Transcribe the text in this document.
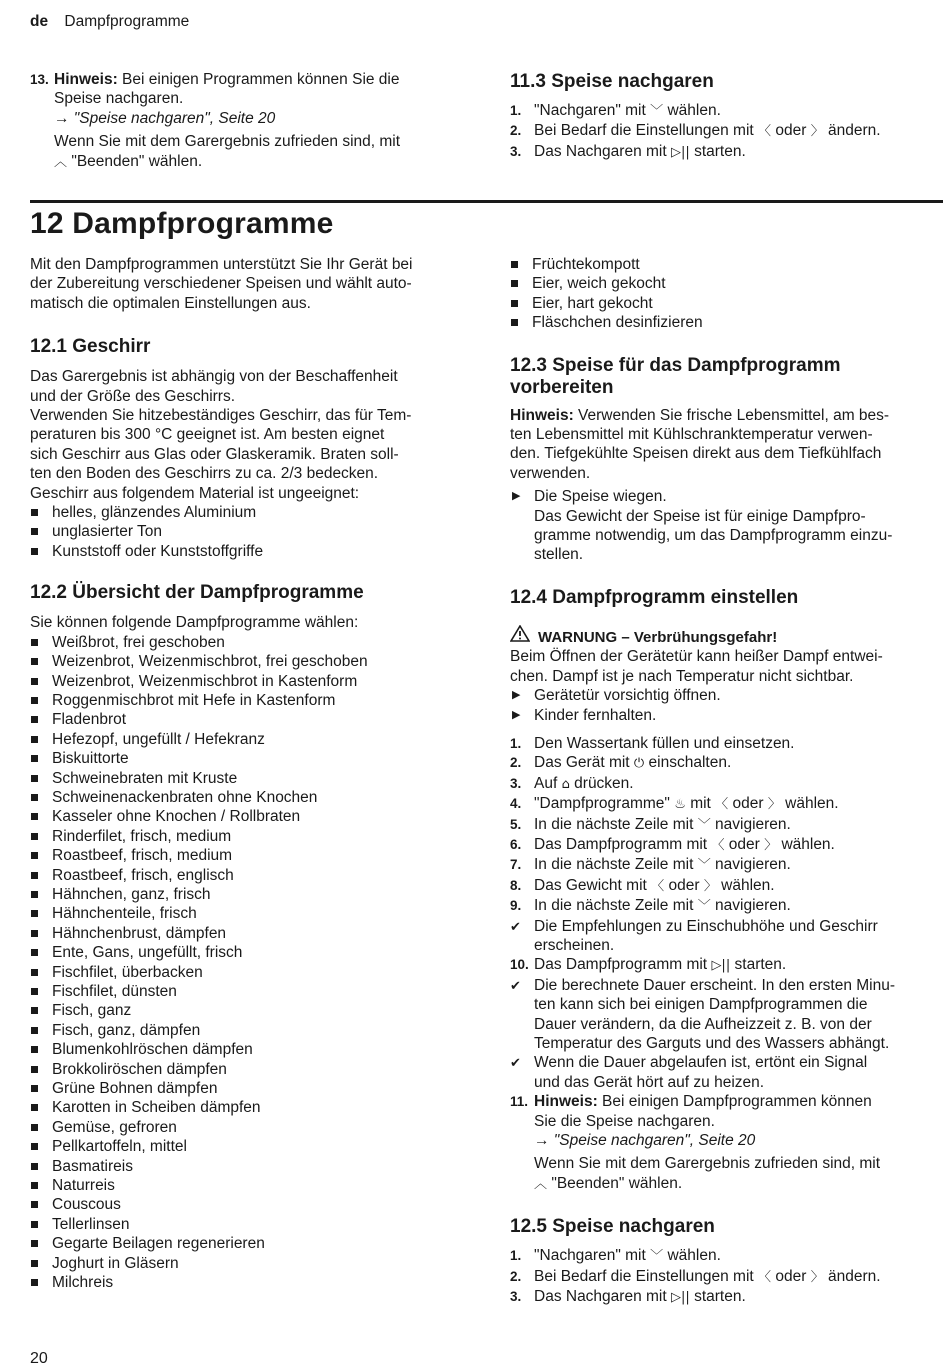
de Dampfprogramme
13. Hinweis: Bei einigen Programmen können Sie die

Speise nachgaren.

→ "Speise nachgaren", Seite 20

Wenn Sie mit dem Garergebnis zufrieden sind, mit

︿ "Beenden" wählen.

11.3 Speise nachgaren
1. "Nachgaren" mit ﹀ wählen.
2. Bei Bedarf die Einstellungen mit 〈 oder 〉 ändern.
3. Das Nachgaren mit ▷|| starten.
12 Dampfprogramme

Mit den Dampfprogrammen unterstützt Sie Ihr Gerät bei

der Zubereitung verschiedener Speisen und wählt auto-

matisch die optimalen Einstellungen aus.

12.1 Geschirr

Das Garergebnis ist abhängig von der Beschaffenheit

und der Größe des Geschirrs.

Verwenden Sie hitzebeständiges Geschirr, das für Tem-

peraturen bis 300 °C geeignet ist. Am besten eignet

sich Geschirr aus Glas oder Glaskeramik. Braten soll-

ten den Boden des Geschirrs zu ca. 2/3 bedecken.

Geschirr aus folgendem Material ist ungeeignet:

helles, glänzendes Aluminium
unglasierter Ton
Kunststoff oder Kunststoffgriffe
12.2 Übersicht der Dampfprogramme

Sie können folgende Dampfprogramme wählen:

Weißbrot, frei geschoben
Weizenbrot, Weizenmischbrot, frei geschoben
Weizenbrot, Weizenmischbrot in Kastenform
Roggenmischbrot mit Hefe in Kastenform
Fladenbrot
Hefezopf, ungefüllt / Hefekranz
Biskuittorte
Schweinebraten mit Kruste
Schweinenackenbraten ohne Knochen
Kasseler ohne Knochen / Rollbraten
Rinderfilet, frisch, medium
Roastbeef, frisch, medium
Roastbeef, frisch, englisch
Hähnchen, ganz, frisch
Hähnchenteile, frisch
Hähnchenbrust, dämpfen
Ente, Gans, ungefüllt, frisch
Fischfilet, überbacken
Fischfilet, dünsten
Fisch, ganz
Fisch, ganz, dämpfen
Blumenkohlröschen dämpfen
Brokkoliröschen dämpfen
Grüne Bohnen dämpfen
Karotten in Scheiben dämpfen
Gemüse, gefroren
Pellkartoffeln, mittel
Basmatireis
Naturreis
Couscous
Tellerlinsen
Gegarte Beilagen regenerieren
Joghurt in Gläsern
Milchreis
Früchtekompott
Eier, weich gekocht
Eier, hart gekocht
Fläschchen desinfizieren
12.3 Speise für das Dampfprogramm
vorbereiten

Hinweis: Verwenden Sie frische Lebensmittel, am bes-

ten Lebensmittel mit Kühlschranktemperatur verwen-

den. Tiefgekühlte Speisen direkt aus dem Tiefkühlfach

verwenden.

▶ Die Speise wiegen.

Das Gewicht der Speise ist für einige Dampfpro-

gramme notwendig, um das Dampfprogramm einzu-

stellen.

12.4 Dampfprogramm einstellen
WARNUNG – Verbrühungsgefahr!

Beim Öffnen der Gerätetür kann heißer Dampf entwei-

chen. Dampf ist je nach Temperatur nicht sichtbar.

▶ Gerätetür vorsichtig öffnen.
▶ Kinder fernhalten.
1. Den Wassertank füllen und einsetzen.
2. Das Gerät mit ⏻ einschalten.
3. Auf ⌂ drücken.
4. "Dampfprogramme" ♨ mit 〈 oder 〉 wählen.
5. In die nächste Zeile mit ﹀ navigieren.
6. Das Dampfprogramm mit 〈 oder 〉 wählen.
7. In die nächste Zeile mit ﹀ navigieren.
8. Das Gewicht mit 〈 oder 〉 wählen.
9. In die nächste Zeile mit ﹀ navigieren.
✔ Die Empfehlungen zu Einschubhöhe und Geschirr

erscheinen.

10. Das Dampfprogramm mit ▷|| starten.
✔ Die berechnete Dauer erscheint. In den ersten Minu-

ten kann sich bei einigen Dampfprogrammen die

Dauer verändern, da die Aufheizzeit z. B. von der

Temperatur des Garguts und des Wassers abhängt.

✔ Wenn die Dauer abgelaufen ist, ertönt ein Signal

und das Gerät hört auf zu heizen.

11. Hinweis: Bei einigen Dampfprogrammen können

Sie die Speise nachgaren.

→ "Speise nachgaren", Seite 20

Wenn Sie mit dem Garergebnis zufrieden sind, mit

︿ "Beenden" wählen.

12.5 Speise nachgaren
1. "Nachgaren" mit ﹀ wählen.
2. Bei Bedarf die Einstellungen mit 〈 oder 〉 ändern.
3. Das Nachgaren mit ▷|| starten.
20
